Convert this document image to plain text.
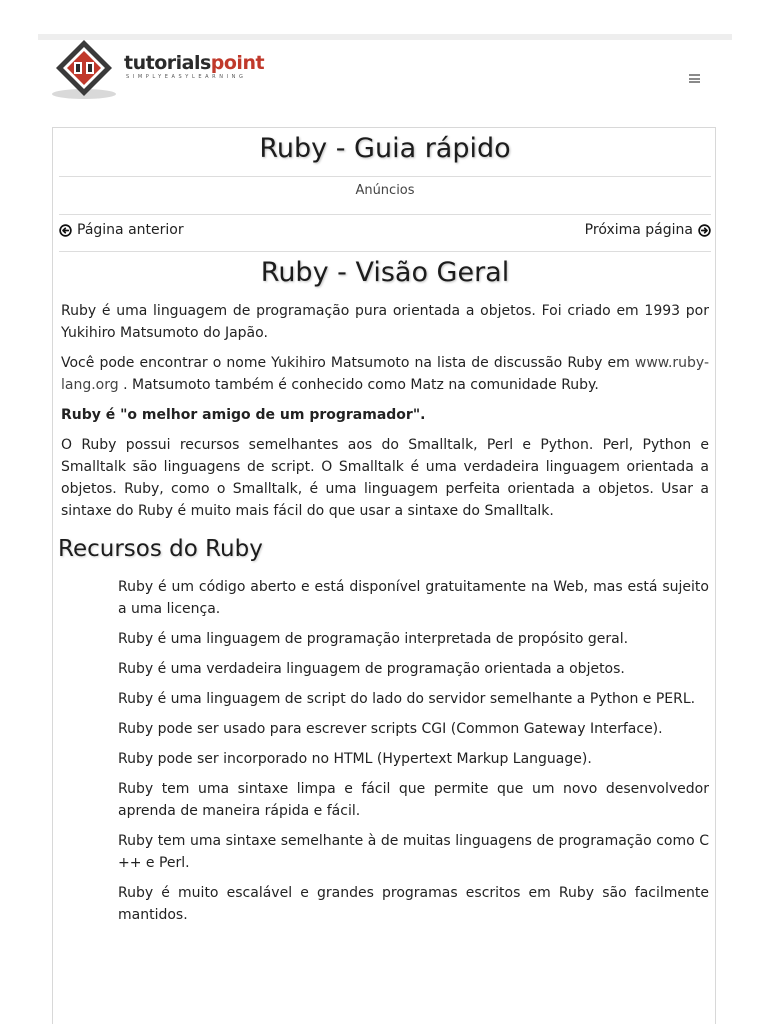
tutorialspoint
SIMPLYEASYLEARNING
Ruby - Guia rápido
Anúncios
Página anterior	Próxima página
Ruby - Visão Geral

Ruby é uma linguagem de programação pura orientada a objetos. Foi criado em 1993 por Yukihiro Matsumoto do Japão.

Você pode encontrar o nome Yukihiro Matsumoto na lista de discussão Ruby em www.ruby-lang.org . Matsumoto também é conhecido como Matz na comunidade Ruby.

Ruby é "o melhor amigo de um programador".

O Ruby possui recursos semelhantes aos do Smalltalk, Perl e Python. Perl, Python e Smalltalk são linguagens de script. O Smalltalk é uma verdadeira linguagem orientada a objetos. Ruby, como o Smalltalk, é uma linguagem perfeita orientada a objetos. Usar a sintaxe do Ruby é muito mais fácil do que usar a sintaxe do Smalltalk.

Recursos do Ruby
Ruby é um código aberto e está disponível gratuitamente na Web, mas está sujeito a uma licença.
Ruby é uma linguagem de programação interpretada de propósito geral.
Ruby é uma verdadeira linguagem de programação orientada a objetos.
Ruby é uma linguagem de script do lado do servidor semelhante a Python e PERL.
Ruby pode ser usado para escrever scripts CGI (Common Gateway Interface).
Ruby pode ser incorporado no HTML (Hypertext Markup Language).
Ruby tem uma sintaxe limpa e fácil que permite que um novo desenvolvedor aprenda de maneira rápida e fácil.
Ruby tem uma sintaxe semelhante à de muitas linguagens de programação como C ++ e Perl.
Ruby é muito escalável e grandes programas escritos em Ruby são facilmente mantidos.
